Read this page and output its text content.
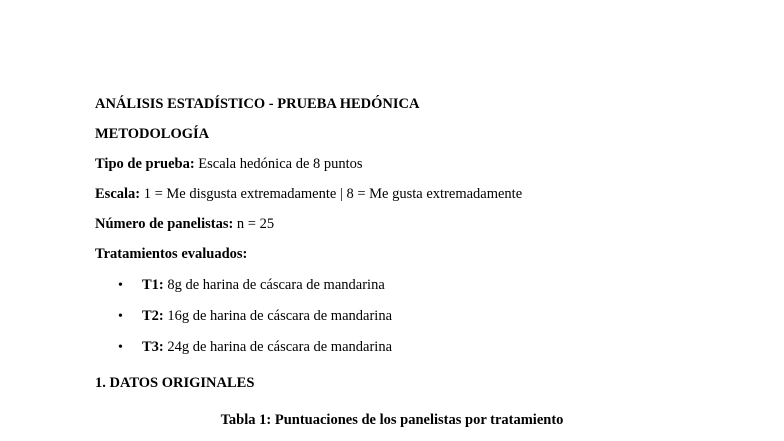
ANÁLISIS ESTADÍSTICO - PRUEBA HEDÓNICA
METODOLOGÍA
Tipo de prueba: Escala hedónica de 8 puntos
Escala: 1 = Me disgusta extremadamente | 8 = Me gusta extremadamente
Número de panelistas: n = 25
Tratamientos evaluados:
• T1: 8g de harina de cáscara de mandarina
• T2: 16g de harina de cáscara de mandarina
• T3: 24g de harina de cáscara de mandarina
1. DATOS ORIGINALES
Tabla 1: Puntuaciones de los panelistas por tratamiento
